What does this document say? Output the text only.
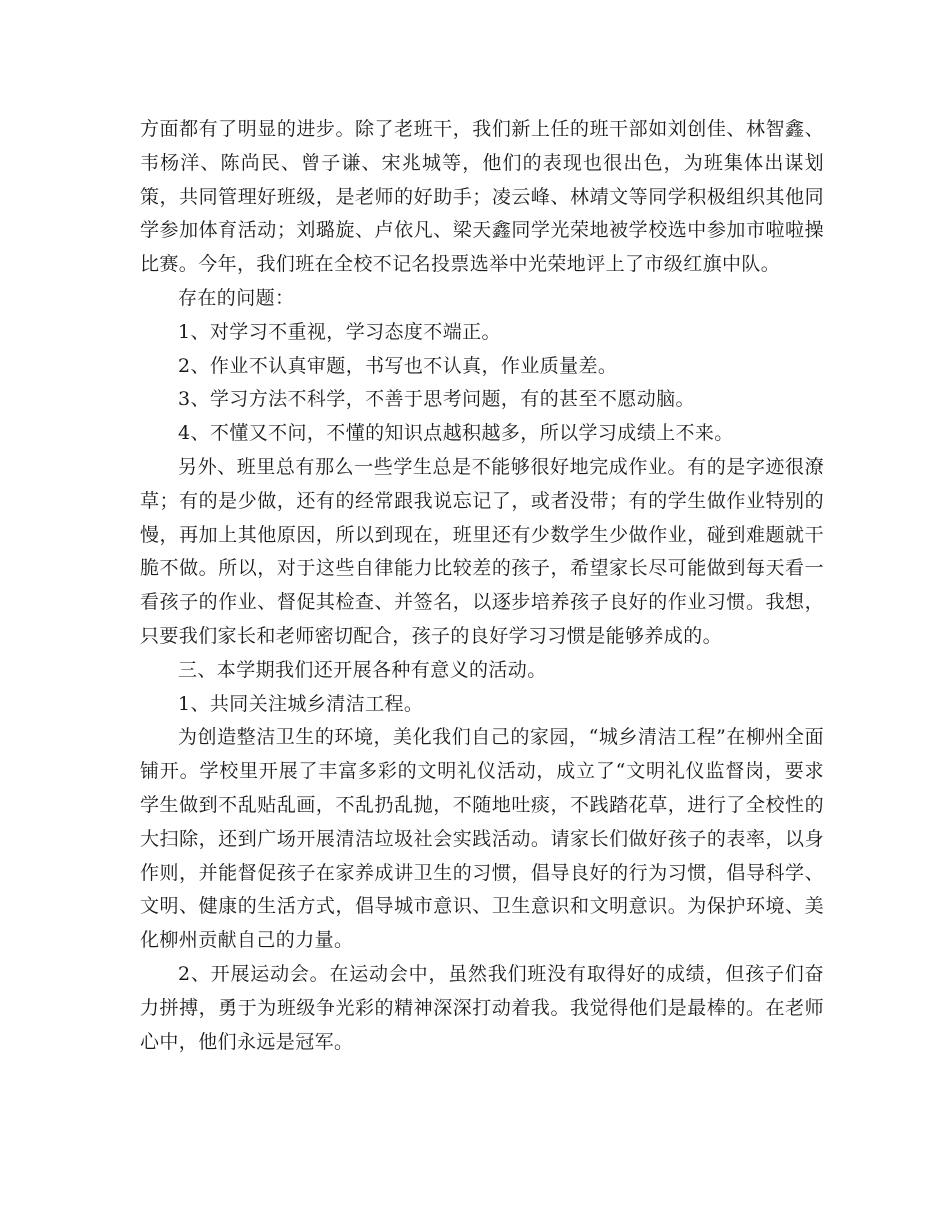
方面都有了明显的进步。除了老班干，我们新上任的班干部如刘创佳、林智鑫、韦杨洋、陈尚民、曾子谦、宋兆城等，他们的表现也很出色，为班集体出谋划策，共同管理好班级，是老师的好助手；凌云峰、林靖文等同学积极组织其他同学参加体育活动；刘璐旋、卢依凡、梁天鑫同学光荣地被学校选中参加市啦啦操比赛。今年，我们班在全校不记名投票选举中光荣地评上了市级红旗中队。

存在的问题：

1、对学习不重视，学习态度不端正。

2、作业不认真审题，书写也不认真，作业质量差。

3、学习方法不科学，不善于思考问题，有的甚至不愿动脑。

4、不懂又不问，不懂的知识点越积越多，所以学习成绩上不来。

另外、班里总有那么一些学生总是不能够很好地完成作业。有的是字迹很潦草；有的是少做，还有的经常跟我说忘记了，或者没带；有的学生做作业特别的慢，再加上其他原因，所以到现在，班里还有少数学生少做作业，碰到难题就干脆不做。所以，对于这些自律能力比较差的孩子，希望家长尽可能做到每天看一看孩子的作业、督促其检查、并签名，以逐步培养孩子良好的作业习惯。我想，只要我们家长和老师密切配合，孩子的良好学习习惯是能够养成的。

三、本学期我们还开展各种有意义的活动。

1、共同关注城乡清洁工程。

为创造整洁卫生的环境，美化我们自己的家园，“城乡清洁工程”在柳州全面铺开。学校里开展了丰富多彩的文明礼仪活动，成立了“文明礼仪监督岗，要求学生做到不乱贴乱画，不乱扔乱抛，不随地吐痰，不践踏花草，进行了全校性的大扫除，还到广场开展清洁垃圾社会实践活动。请家长们做好孩子的表率，以身作则，并能督促孩子在家养成讲卫生的习惯，倡导良好的行为习惯，倡导科学、文明、健康的生活方式，倡导城市意识、卫生意识和文明意识。为保护环境、美化柳州贡献自己的力量。

2、开展运动会。在运动会中，虽然我们班没有取得好的成绩，但孩子们奋力拼搏，勇于为班级争光彩的精神深深打动着我。我觉得他们是最棒的。在老师心中，他们永远是冠军。
